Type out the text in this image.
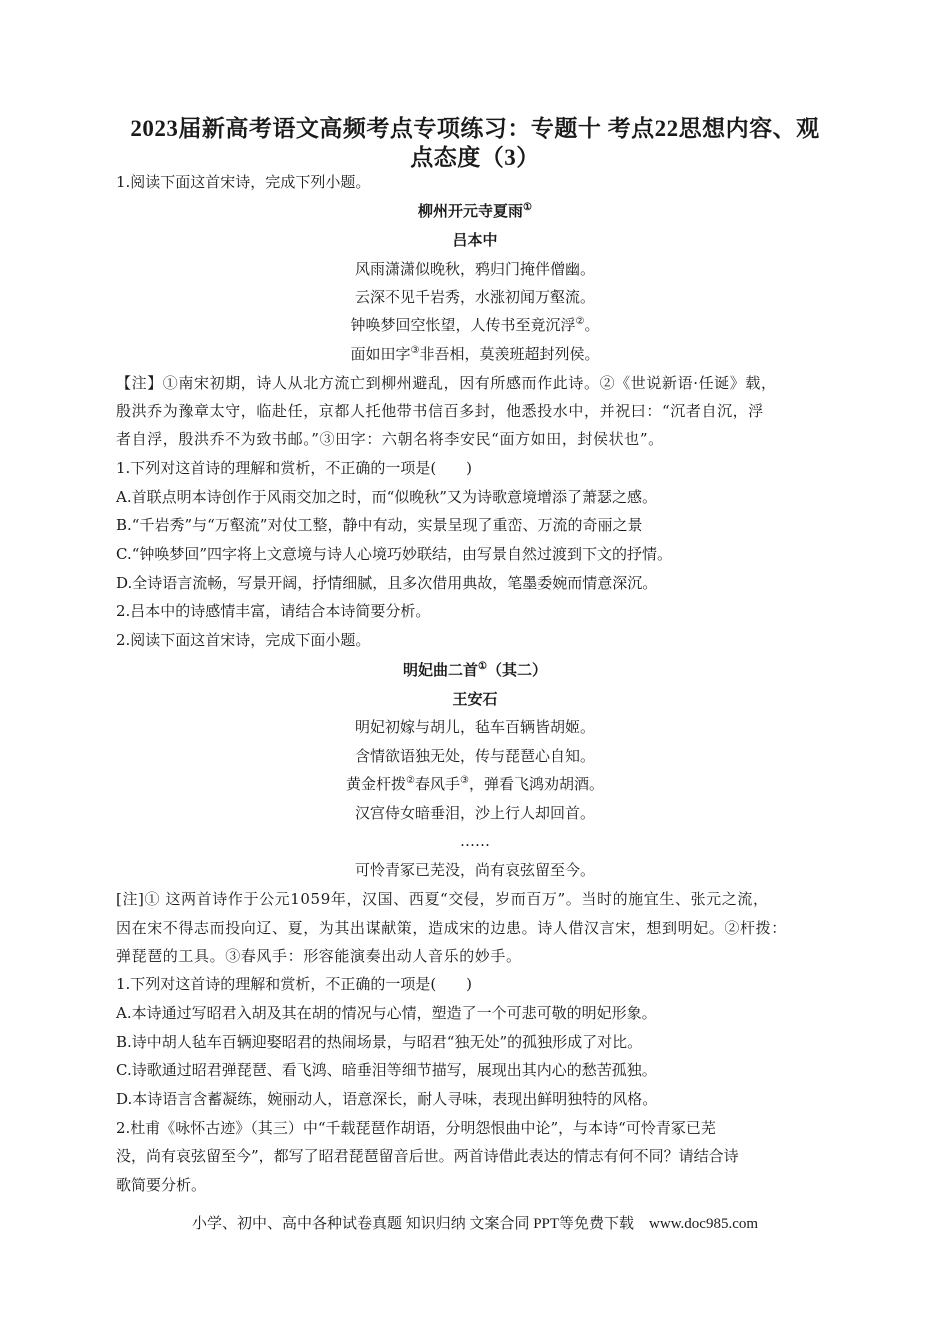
2023届新高考语文高频考点专项练习：专题十 考点22思想内容、观
点态度（3）
1.阅读下面这首宋诗，完成下列小题。
柳州开元寺夏雨①
吕本中
风雨潇潇似晚秋，鸦归门掩伴僧幽。
云深不见千岩秀，水涨初闻万壑流。
钟唤梦回空怅望，人传书至竟沉浮②。
面如田字③非吾相，莫羡班超封列侯。
【注】①南宋初期，诗人从北方流亡到柳州避乱，因有所感而作此诗。②《世说新语·任诞》载，
殷洪乔为豫章太守，临赴任，京都人托他带书信百多封，他悉投水中，并祝曰：“沉者自沉，浮
者自浮，殷洪乔不为致书邮。”③田字：六朝名将李安民“面方如田，封侯状也”。
1.下列对这首诗的理解和赏析，不正确的一项是(　　)
A.首联点明本诗创作于风雨交加之时，而“似晚秋”又为诗歌意境增添了萧瑟之感。
B.“千岩秀”与“万壑流”对仗工整，静中有动，实景呈现了重峦、万流的奇丽之景
C.“钟唤梦回”四字将上文意境与诗人心境巧妙联结，由写景自然过渡到下文的抒情。
D.全诗语言流畅，写景开阔，抒情细腻，且多次借用典故，笔墨委婉而情意深沉。
2.吕本中的诗感情丰富，请结合本诗简要分析。
2.阅读下面这首宋诗，完成下面小题。
明妃曲二首①（其二）
王安石
明妃初嫁与胡儿，毡车百辆皆胡姬。
含情欲语独无处，传与琵琶心自知。
黄金杆拨②春风手③，弹看飞鸿劝胡酒。
汉宫侍女暗垂泪，沙上行人却回首。
……
可怜青冢已芜没，尚有哀弦留至今。
[注]① 这两首诗作于公元1059年，汉国、西夏“交侵，岁而百万”。当时的施宜生、张元之流，
因在宋不得志而投向辽、夏，为其出谋献策，造成宋的边患。诗人借汉言宋，想到明妃。②杆拨：
弹琵琶的工具。③春风手：形容能演奏出动人音乐的妙手。
1.下列对这首诗的理解和赏析，不正确的一项是(　　)
A.本诗通过写昭君入胡及其在胡的情况与心情，塑造了一个可悲可敬的明妃形象。
B.诗中胡人毡车百辆迎娶昭君的热闹场景，与昭君“独无处”的孤独形成了对比。
C.诗歌通过昭君弹琵琶、看飞鸿、暗垂泪等细节描写，展现出其内心的愁苦孤独。
D.本诗语言含蓄凝练，婉丽动人，语意深长，耐人寻味，表现出鲜明独特的风格。
2.杜甫《咏怀古迹》（其三）中“千载琵琶作胡语，分明怨恨曲中论”，与本诗“可怜青冢已芜
没，尚有哀弦留至今”，都写了昭君琵琶留音后世。两首诗借此表达的情志有何不同？请结合诗
歌简要分析。
小学、初中、高中各种试卷真题 知识归纳 文案合同 PPT等免费下载　www.doc985.com
